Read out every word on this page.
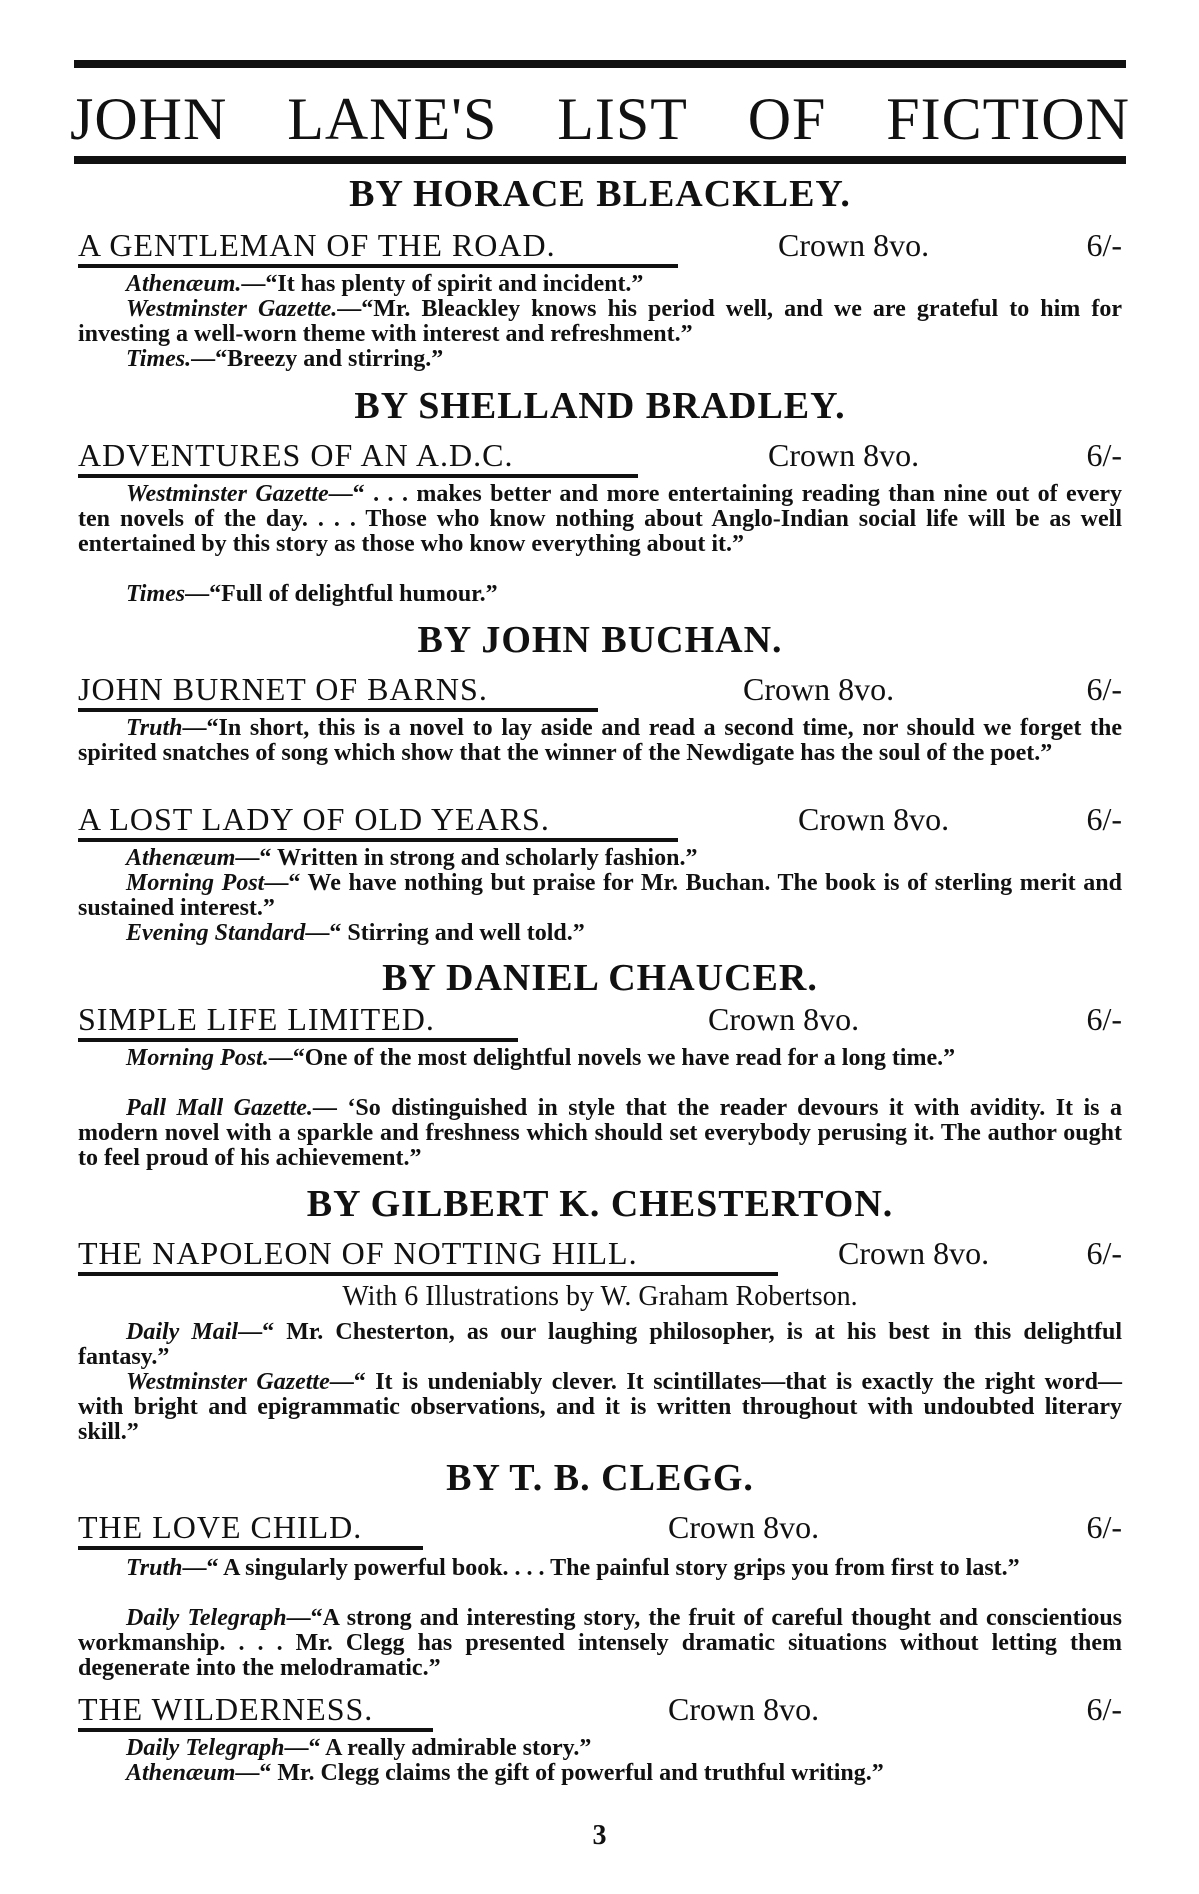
JOHN LANE'S LIST OF FICTION
BY HORACE BLEACKLEY.
A GENTLEMAN OF THE ROAD.	Crown 8vo.	6/-

Athenæum.—“It has plenty of spirit and incident.”

Westminster Gazette.—“Mr. Bleackley knows his period well, and we are grateful to him for investing a well-worn theme with interest and refreshment.”

Times.—“Breezy and stirring.”

BY SHELLAND BRADLEY.
ADVENTURES OF AN A.D.C.	Crown 8vo.	6/-

Westminster Gazette—“ . . . makes better and more entertaining reading than nine out of every ten novels of the day. . . . Those who know nothing about Anglo-Indian social life will be as well entertained by this story as those who know everything about it.”

Times—“Full of delightful humour.”

BY JOHN BUCHAN.
JOHN BURNET OF BARNS.	Crown 8vo.	6/-

Truth—“In short, this is a novel to lay aside and read a second time, nor should we forget the spirited snatches of song which show that the winner of the Newdigate has the soul of the poet.”

A LOST LADY OF OLD YEARS.	Crown 8vo.	6/-

Athenæum—“ Written in strong and scholarly fashion.”

Morning Post—“ We have nothing but praise for Mr. Buchan. The book is of sterling merit and sustained interest.”

Evening Standard—“ Stirring and well told.”

BY DANIEL CHAUCER.
SIMPLE LIFE LIMITED.	Crown 8vo.	6/-

Morning Post.—“One of the most delightful novels we have read for a long time.”

Pall Mall Gazette.— ‘So distinguished in style that the reader devours it with avidity. It is a modern novel with a sparkle and freshness which should set everybody perusing it. The author ought to feel proud of his achievement.”

BY GILBERT K. CHESTERTON.
THE NAPOLEON OF NOTTING HILL.	Crown 8vo.	6/-
With 6 Illustrations by W. Graham Robertson.

Daily Mail—“ Mr. Chesterton, as our laughing philosopher, is at his best in this delightful fantasy.”

Westminster Gazette—“ It is undeniably clever. It scintillates—that is exactly the right word—with bright and epigrammatic observations, and it is written throughout with undoubted literary skill.”

BY T. B. CLEGG.
THE LOVE CHILD.	Crown 8vo.	6/-

Truth—“ A singularly powerful book. . . . The painful story grips you from first to last.”

Daily Telegraph—“A strong and interesting story, the fruit of careful thought and conscientious workmanship. . . . Mr. Clegg has presented intensely dramatic situations without letting them degenerate into the melodramatic.”

THE WILDERNESS.	Crown 8vo.	6/-

Daily Telegraph—“ A really admirable story.”

Athenæum—“ Mr. Clegg claims the gift of powerful and truthful writing.”

3
